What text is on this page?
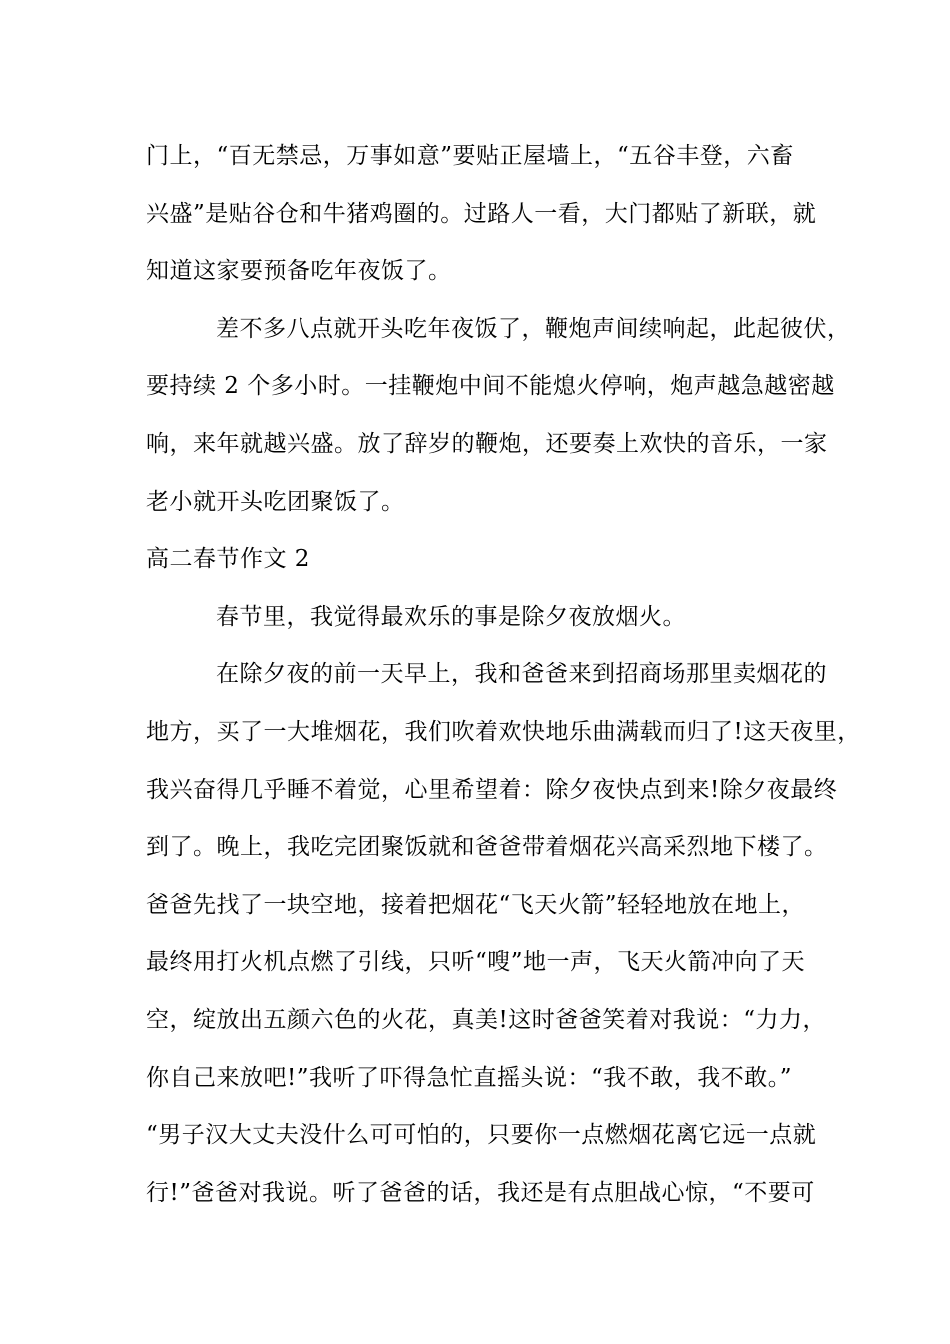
门上，“百无禁忌，万事如意”要贴正屋墙上，“五谷丰登，六畜
兴盛”是贴谷仓和牛猪鸡圈的。过路人一看，大门都贴了新联，就
知道这家要预备吃年夜饭了。
差不多八点就开头吃年夜饭了，鞭炮声间续响起，此起彼伏，
要持续 2 个多小时。一挂鞭炮中间不能熄火停响，炮声越急越密越
响，来年就越兴盛。放了辞岁的鞭炮，还要奏上欢快的音乐，一家
老小就开头吃团聚饭了。
高二春节作文 2
春节里，我觉得最欢乐的事是除夕夜放烟火。
在除夕夜的前一天早上，我和爸爸来到招商场那里卖烟花的
地方，买了一大堆烟花，我们吹着欢快地乐曲满载而归了!这天夜里，
我兴奋得几乎睡不着觉，心里希望着：除夕夜快点到来!除夕夜最终
到了。晚上，我吃完团聚饭就和爸爸带着烟花兴高采烈地下楼了。
爸爸先找了一块空地，接着把烟花“飞天火箭”轻轻地放在地上，
最终用打火机点燃了引线，只听“嗖”地一声，飞天火箭冲向了天
空，绽放出五颜六色的火花，真美!这时爸爸笑着对我说：“力力，
你自己来放吧!”我听了吓得急忙直摇头说：“我不敢，我不敢。”
“男子汉大丈夫没什么可可怕的，只要你一点燃烟花离它远一点就
行!”爸爸对我说。听了爸爸的话，我还是有点胆战心惊，“不要可
